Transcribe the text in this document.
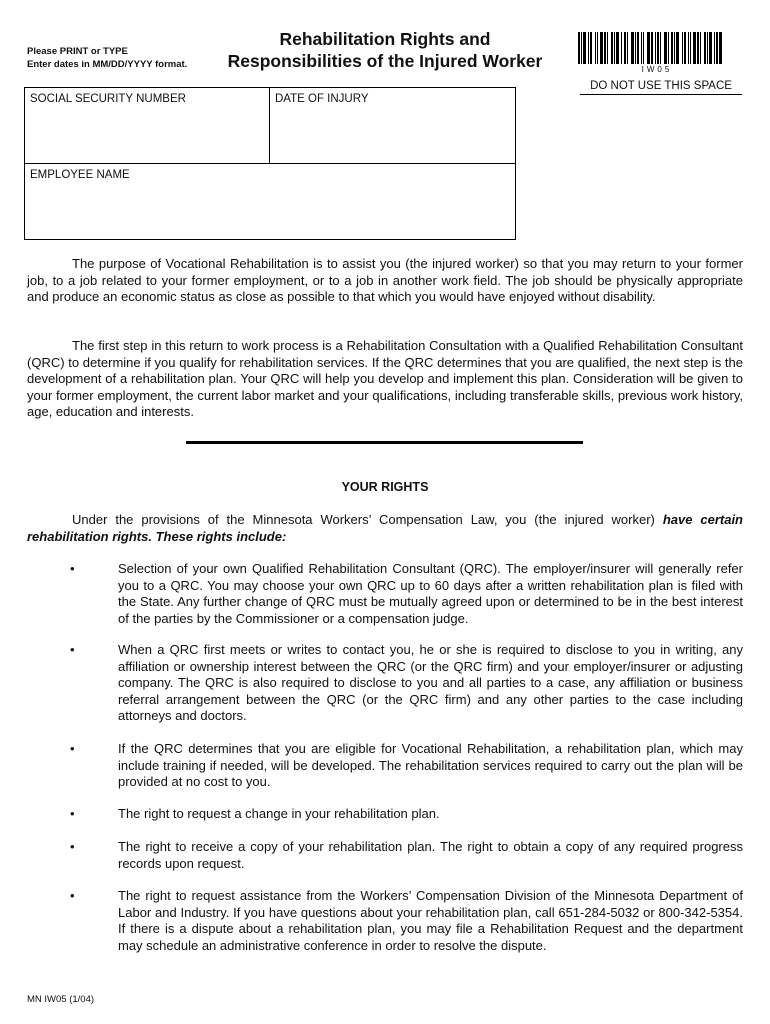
Please PRINT or TYPE
Enter dates in MM/DD/YYYY format.
Rehabilitation Rights and
Responsibilities of the Injured Worker	IW05
DO NOT USE THIS SPACE
SOCIAL SECURITY NUMBER	DATE OF INJURY
EMPLOYEE NAME

The purpose of Vocational Rehabilitation is to assist you (the injured worker) so that you may return to your former job, to a job related to your former employment, or to a job in another work field. The job should be physically appropriate and produce an economic status as close as possible to that which you would have enjoyed without disability.

The first step in this return to work process is a Rehabilitation Consultation with a Qualified Rehabilitation Consultant (QRC) to determine if you qualify for rehabilitation services. If the QRC determines that you are qualified, the next step is the development of a rehabilitation plan. Your QRC will help you develop and implement this plan. Consideration will be given to your former employment, the current labor market and your qualifications, including transferable skills, previous work history, age, education and interests.

YOUR RIGHTS

Under the provisions of the Minnesota Workers’ Compensation Law, you (the injured worker) have certain rehabilitation rights. These rights include:

•	Selection of your own Qualified Rehabilitation Consultant (QRC). The employer/insurer will generally refer you to a QRC. You may choose your own QRC up to 60 days after a written rehabilitation plan is filed with the State. Any further change of QRC must be mutually agreed upon or determined to be in the best interest of the parties by the Commissioner or a compensation judge.

•	When a QRC first meets or writes to contact you, he or she is required to disclose to you in writing, any affiliation or ownership interest between the QRC (or the QRC firm) and your employer/insurer or adjusting company. The QRC is also required to disclose to you and all parties to a case, any affiliation or business referral arrangement between the QRC (or the QRC firm) and any other parties to the case including attorneys and doctors.

•	If the QRC determines that you are eligible for Vocational Rehabilitation, a rehabilitation plan, which may include training if needed, will be developed. The rehabilitation services required to carry out the plan will be provided at no cost to you.

•	The right to request a change in your rehabilitation plan.

•	The right to receive a copy of your rehabilitation plan. The right to obtain a copy of any required progress records upon request.

•	The right to request assistance from the Workers’ Compensation Division of the Minnesota Department of Labor and Industry. If you have questions about your rehabilitation plan, call 651-284-5032 or 800-342-5354. If there is a dispute about a rehabilitation plan, you may file a Rehabilitation Request and the department may schedule an administrative conference in order to resolve the dispute.

MN IW05 (1/04)
